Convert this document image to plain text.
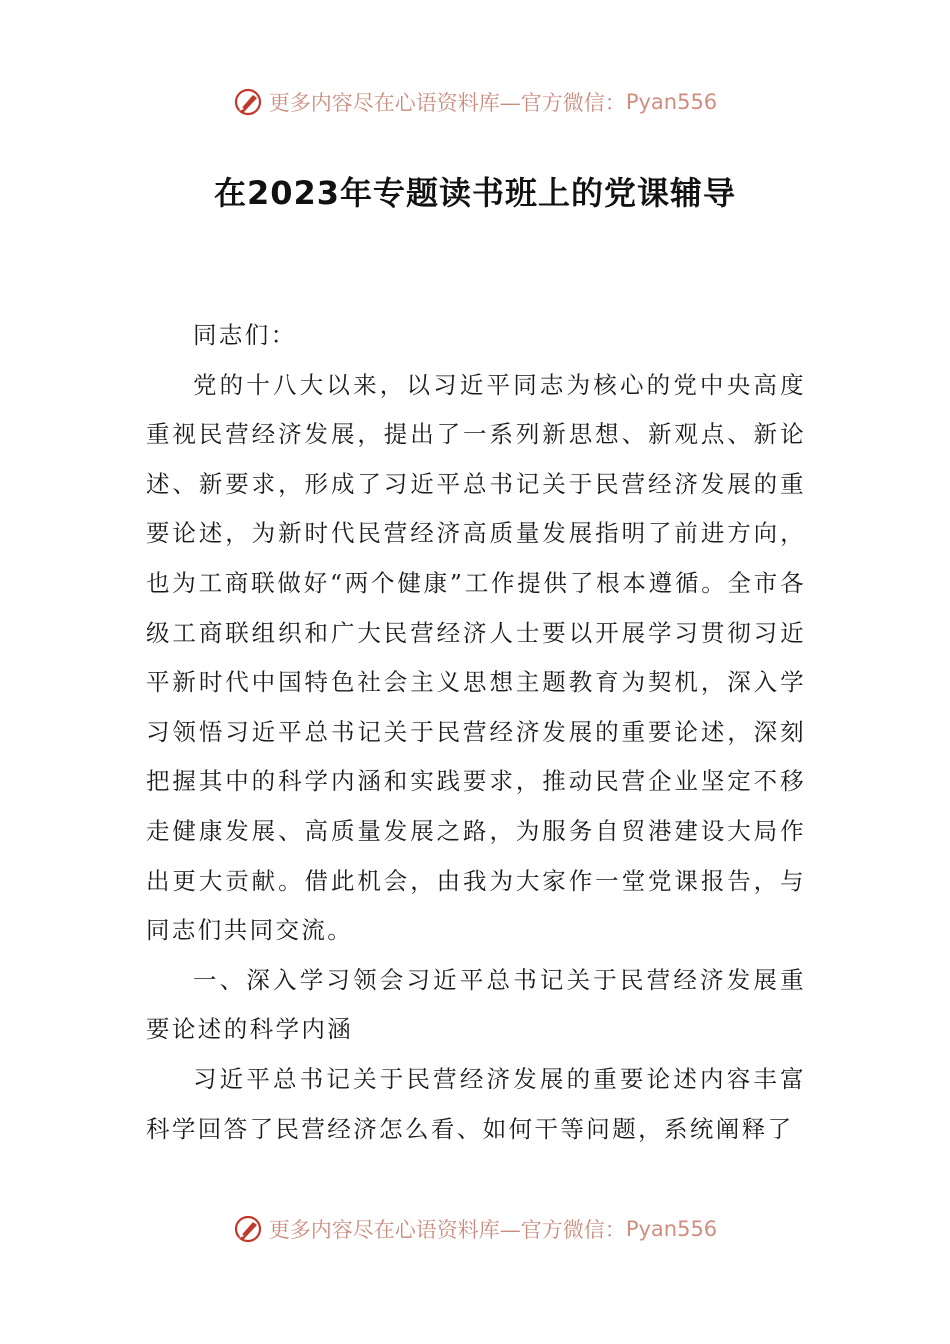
更多内容尽在心语资料库—官方微信： Pyan556
在2023年专题读书班上的党课辅导

同志们：

党的十八大以来，以习近平同志为核心的党中央高度重视民营经济发展，提出了一系列新思想、新观点、新论述、新要求，形成了习近平总书记关于民营经济发展的重要论述，为新时代民营经济高质量发展指明了前进方向，也为工商联做好“两个健康”工作提供了根本遵循。全市各级工商联组织和广大民营经济人士要以开展学习贯彻习近平新时代中国特色社会主义思想主题教育为契机，深入学习领悟习近平总书记关于民营经济发展的重要论述，深刻把握其中的科学内涵和实践要求，推动民营企业坚定不移走健康发展、高质量发展之路，为服务自贸港建设大局作出更大贡献。借此机会，由我为大家作一堂党课报告，与同志们共同交流。

一、深入学习领会习近平总书记关于民营经济发展重要论述的科学内涵

习近平总书记关于民营经济发展的重要论述内容丰富科学回答了民营经济怎么看、如何干等问题，系统阐释了

更多内容尽在心语资料库—官方微信： Pyan556
